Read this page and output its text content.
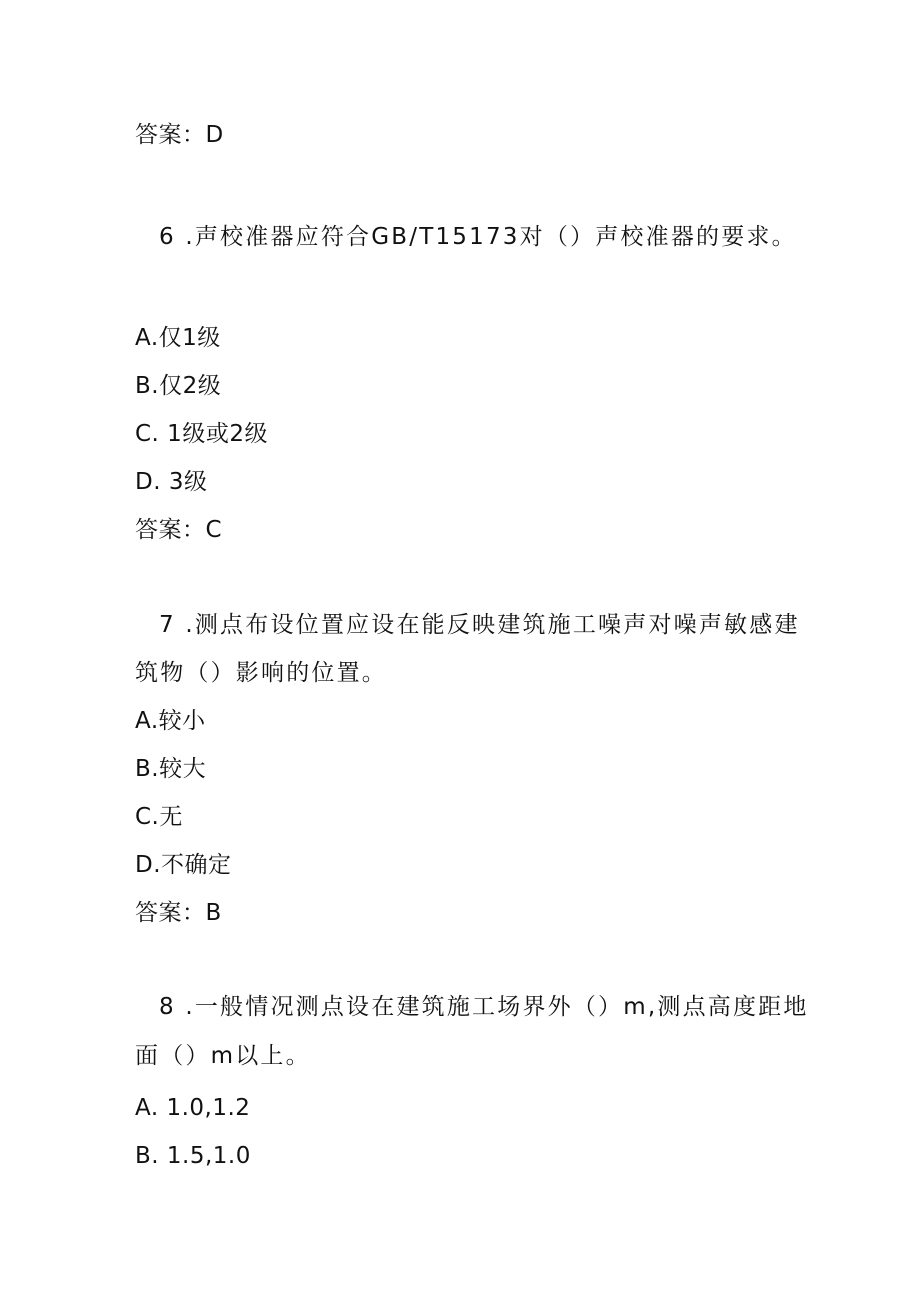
答案：D
6 .声校准器应符合GB/T15173对（）声校准器的要求。
A.仅1级
B.仅2级
C. 1级或2级
D. 3级
答案：C
7 .测点布设位置应设在能反映建筑施工噪声对噪声敏感建
筑物（）影响的位置。
A.较小
B.较大
C.无
D.不确定
答案：B
8 .一般情况测点设在建筑施工场界外（）m,测点高度距地
面（）m以上。
A. 1.0,1.2
B. 1.5,1.0
